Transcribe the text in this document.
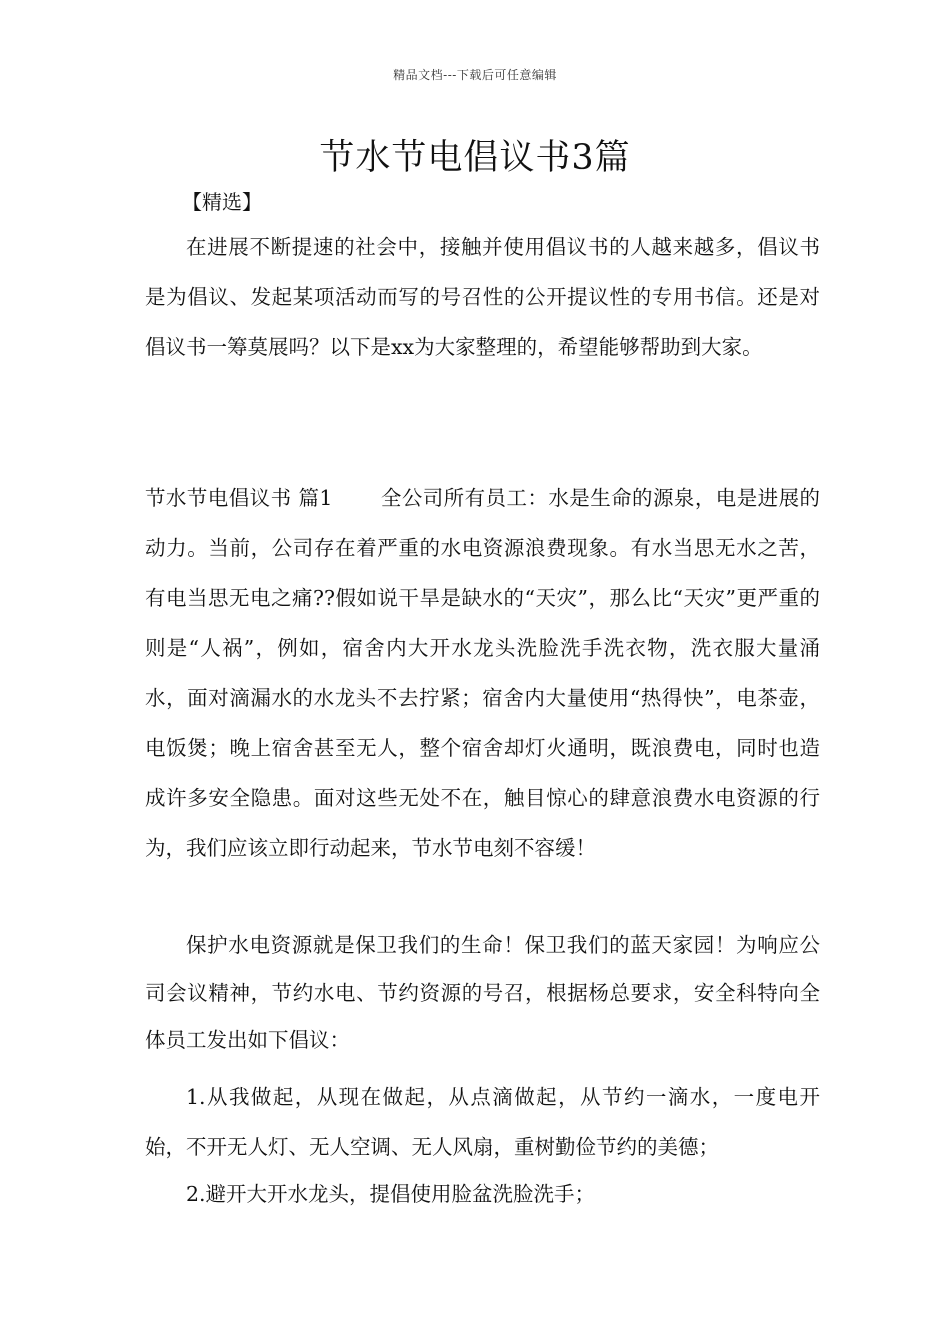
精品文档---下载后可任意编辑
节水节电倡议书3篇
【精选】

在进展不断提速的社会中，接触并使用倡议书的人越来越多，倡议书是为倡议、发起某项活动而写的号召性的公开提议性的专用书信。还是对倡议书一筹莫展吗？以下是xx为大家整理的，希望能够帮助到大家。

节水节电倡议书 篇1 全公司所有员工：水是生命的源泉，电是进展的动力。当前，公司存在着严重的水电资源浪费现象。有水当思无水之苦，有电当思无电之痛??假如说干旱是缺水的“天灾”，那么比“天灾”更严重的则是“人祸”，例如，宿舍内大开水龙头洗脸洗手洗衣物，洗衣服大量涌水，面对滴漏水的水龙头不去拧紧；宿舍内大量使用“热得快”，电茶壶，电饭煲；晚上宿舍甚至无人，整个宿舍却灯火通明，既浪费电，同时也造成许多安全隐患。面对这些无处不在，触目惊心的肆意浪费水电资源的行为，我们应该立即行动起来，节水节电刻不容缓！

保护水电资源就是保卫我们的生命！保卫我们的蓝天家园！为响应公司会议精神，节约水电、节约资源的号召，根据杨总要求，安全科特向全体员工发出如下倡议：

1.从我做起，从现在做起，从点滴做起，从节约一滴水，一度电开始，不开无人灯、无人空调、无人风扇，重树勤俭节约的美德；

2.避开大开水龙头，提倡使用脸盆洗脸洗手；
